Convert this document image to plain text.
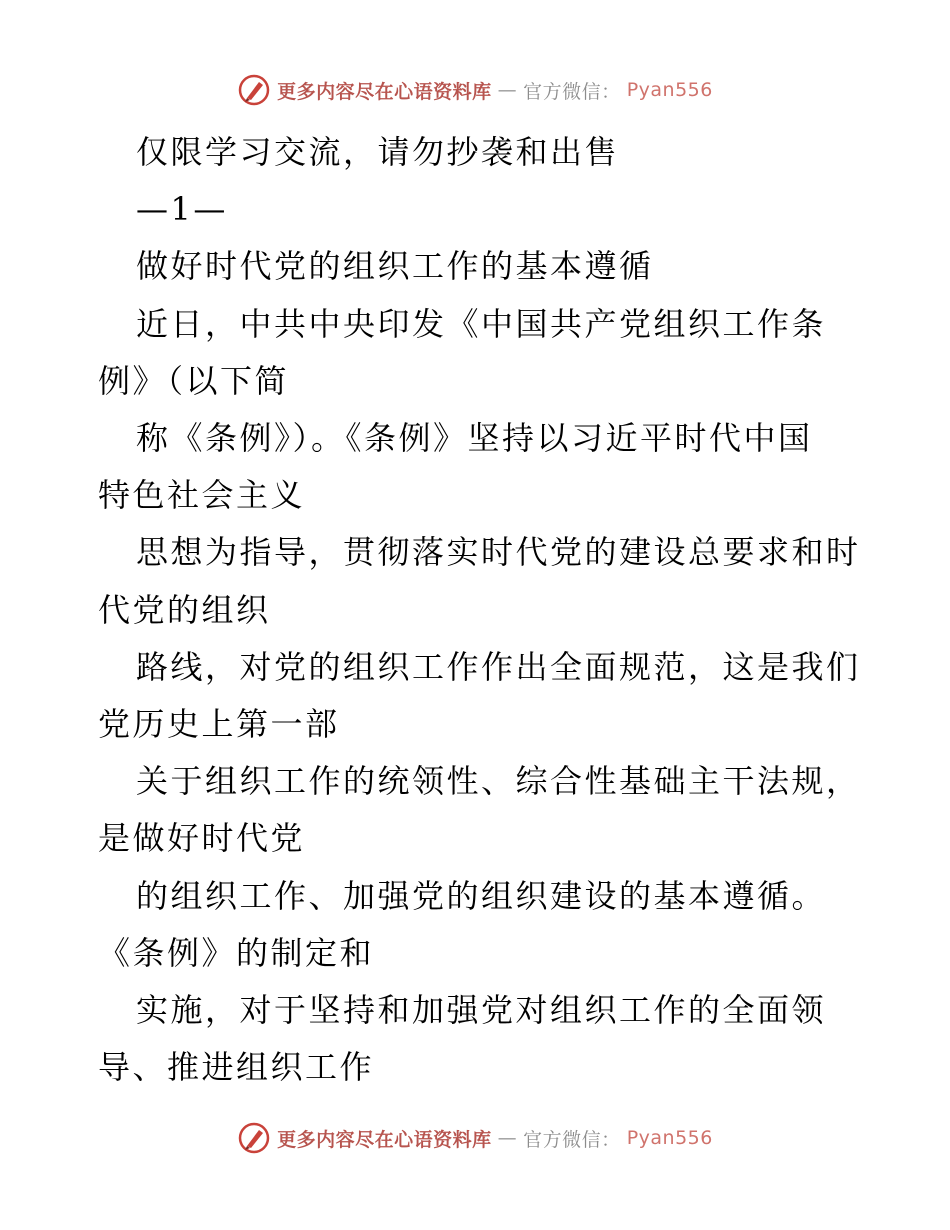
更多内容尽在心语资料库 — 官方微信： Pyan556
仅限学习交流，请勿抄袭和出售
—1—
做好时代党的组织工作的基本遵循
近日，中共中央印发《中国共产党组织工作条
例》（以下简
称《条例》）。《条例》坚持以习近平时代中国
特色社会主义
思想为指导，贯彻落实时代党的建设总要求和时
代党的组织
路线，对党的组织工作作出全面规范，这是我们
党历史上第一部
关于组织工作的统领性、综合性基础主干法规，
是做好时代党
的组织工作、加强党的组织建设的基本遵循。
《条例》的制定和
实施，对于坚持和加强党对组织工作的全面领
导、推进组织工作
更多内容尽在心语资料库 — 官方微信： Pyan556
